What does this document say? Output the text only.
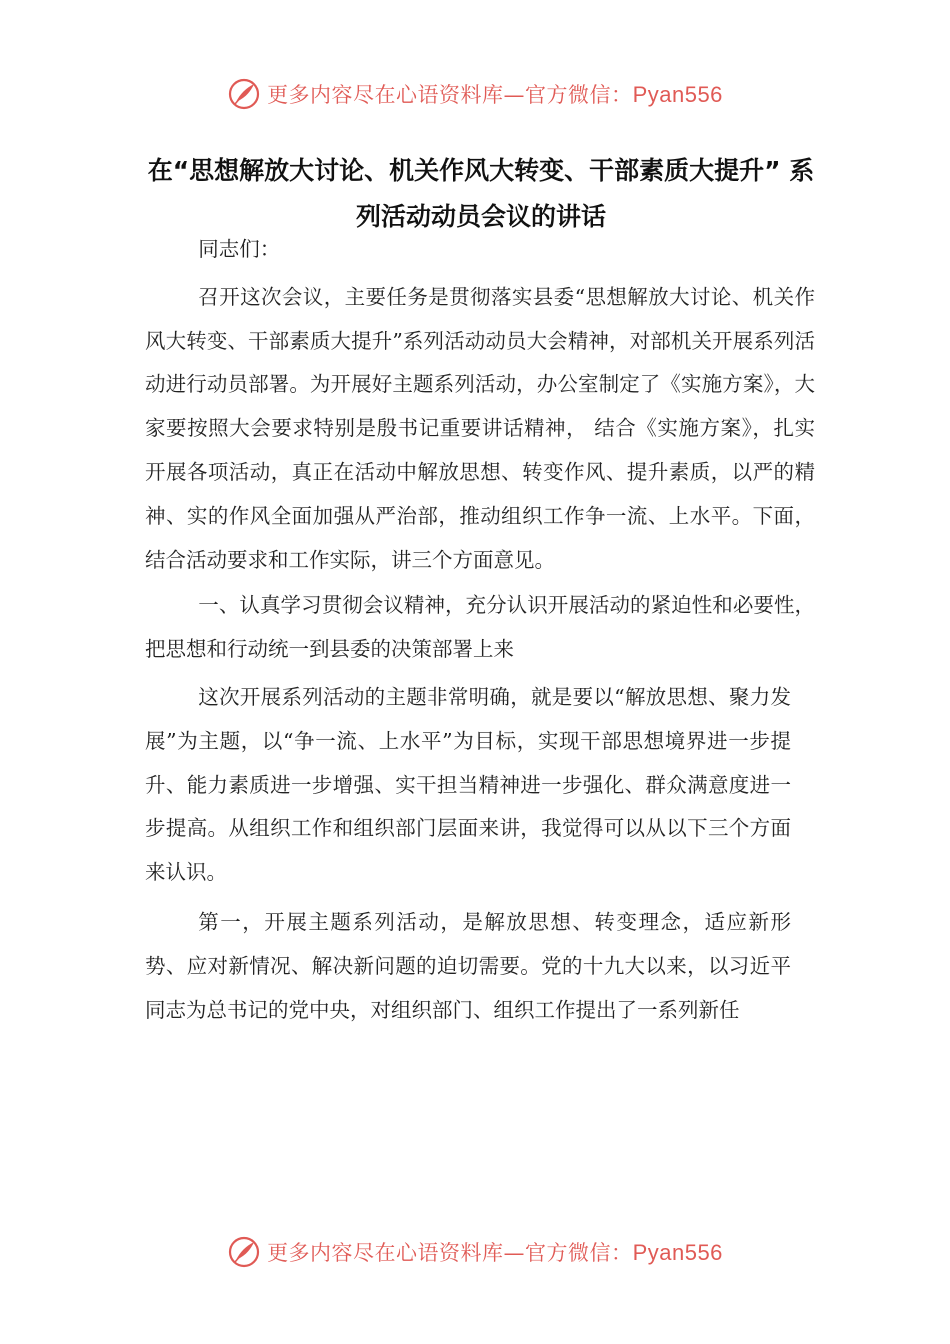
更多内容尽在心语资料库—官方微信：Pyan556
在“思想解放大讨论、机关作风大转变、干部素质大提升” 系
列活动动员会议的讲话

同志们：

召开这次会议，主要任务是贯彻落实县委“思想解放大讨论、机关作风大转变、干部素质大提升”系列活动动员大会精神，对部机关开展系列活动进行动员部署。为开展好主题系列活动，办公室制定了《实施方案》，大家要按照大会要求特别是殷书记重要讲话精神， 结合《实施方案》，扎实开展各项活动，真正在活动中解放思想、转变作风、提升素质，以严的精神、实的作风全面加强从严治部，推动组织工作争一流、上水平。下面，结合活动要求和工作实际，讲三个方面意见。

一、认真学习贯彻会议精神，充分认识开展活动的紧迫性和必要性，把思想和行动统一到县委的决策部署上来

这次开展系列活动的主题非常明确，就是要以“解放思想、聚力发展”为主题，以“争一流、上水平”为目标，实现干部思想境界进一步提升、能力素质进一步增强、实干担当精神进一步强化、群众满意度进一步提高。从组织工作和组织部门层面来讲，我觉得可以从以下三个方面来认识。

第一，开展主题系列活动，是解放思想、转变理念，适应新形势、应对新情况、解决新问题的迫切需要。党的十九大以来，以习近平同志为总书记的党中央，对组织部门、组织工作提出了一系列新任

更多内容尽在心语资料库—官方微信：Pyan556
